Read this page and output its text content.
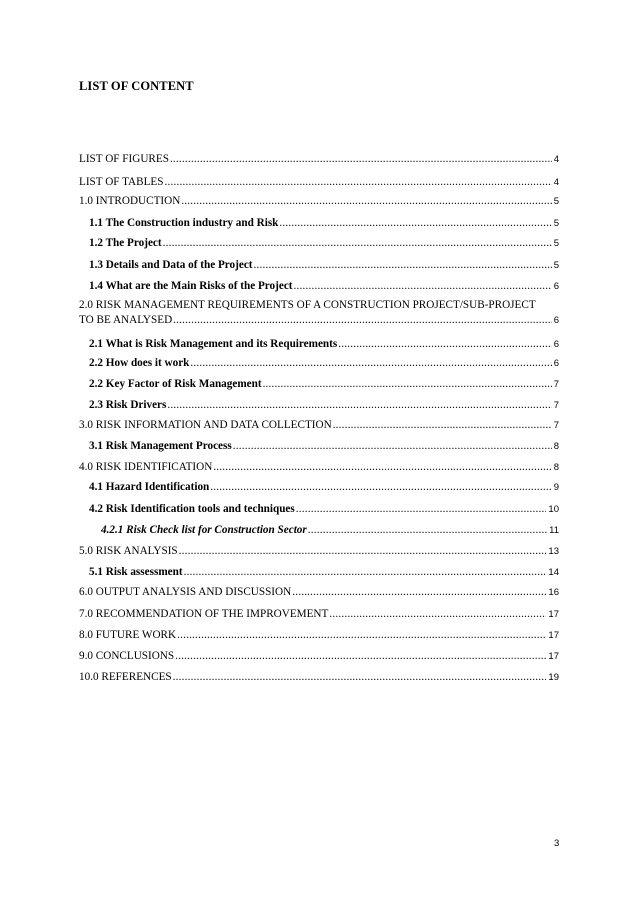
LIST OF CONTENT
LIST OF FIGURES .....	4
LIST OF TABLES .....	4
1.0 INTRODUCTION .....	5
1.1 The Construction industry and Risk .....	5
1.2 The Project .....	5
1.3 Details and Data of the Project .....	5
1.4 What are the Main Risks of the Project .....	6
2.0 RISK MANAGEMENT REQUIREMENTS OF A CONSTRUCTION PROJECT/SUB-PROJECT
TO BE ANALYSED .....	6
2.1 What is Risk Management and its Requirements .....	6
2.2 How does it work .....	6
2.2 Key Factor of Risk Management .....	7
2.3 Risk Drivers .....	7
3.0 RISK INFORMATION AND DATA COLLECTION .....	7
3.1 Risk Management Process .....	8
4.0 RISK IDENTIFICATION .....	8
4.1 Hazard Identification .....	9
4.2 Risk Identification tools and techniques .....	10
4.2.1 Risk Check list for Construction Sector .....	11
5.0 RISK ANALYSIS .....	13
5.1 Risk assessment .....	14
6.0 OUTPUT ANALYSIS AND DISCUSSION .....	16
7.0 RECOMMENDATION OF THE IMPROVEMENT .....	17
8.0 FUTURE WORK .....	17
9.0 CONCLUSIONS .....	17
10.0 REFERENCES .....	19
3
